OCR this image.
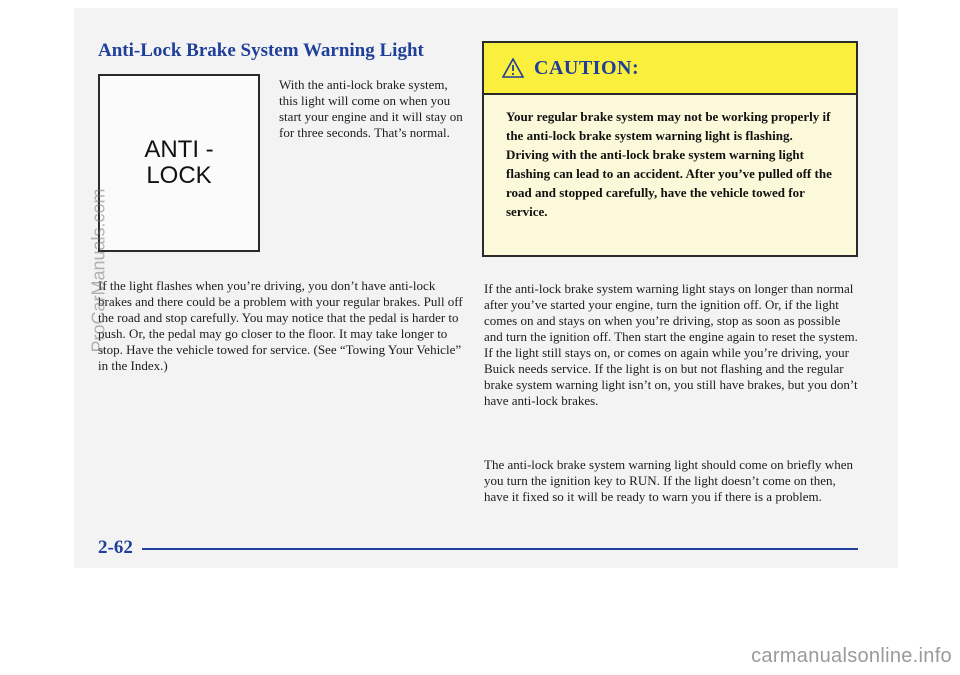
Anti-Lock Brake System Warning Light
ANTI -
LOCK

With the anti-lock brake system, this light will come on when you start your engine and it will stay on for three seconds. That’s normal.

If the light flashes when you’re driving, you don’t have anti-lock brakes and there could be a problem with your regular brakes. Pull off the road and stop carefully. You may notice that the pedal is harder to push. Or, the pedal may go closer to the floor. It may take longer to stop. Have the vehicle towed for service. (See “Towing Your Vehicle” in the Index.)

CAUTION:
Your regular brake system may not be working properly if the anti-lock brake system warning light is flashing. Driving with the anti-lock brake system warning light flashing can lead to an accident. After you’ve pulled off the road and stopped carefully, have the vehicle towed for service.

If the anti-lock brake system warning light stays on longer than normal after you’ve started your engine, turn the ignition off. Or, if the light comes on and stays on when you’re driving, stop as soon as possible and turn the ignition off. Then start the engine again to reset the system. If the light still stays on, or comes on again while you’re driving, your Buick needs service. If the light is on but not flashing and the regular brake system warning light isn’t on, you still have brakes, but you don’t have anti-lock brakes.

The anti-lock brake system warning light should come on briefly when you turn the ignition key to RUN. If the light doesn’t come on then, have it fixed so it will be ready to warn you if there is a problem.

2-62
ProCarManuals.com
carmanualsonline.info
